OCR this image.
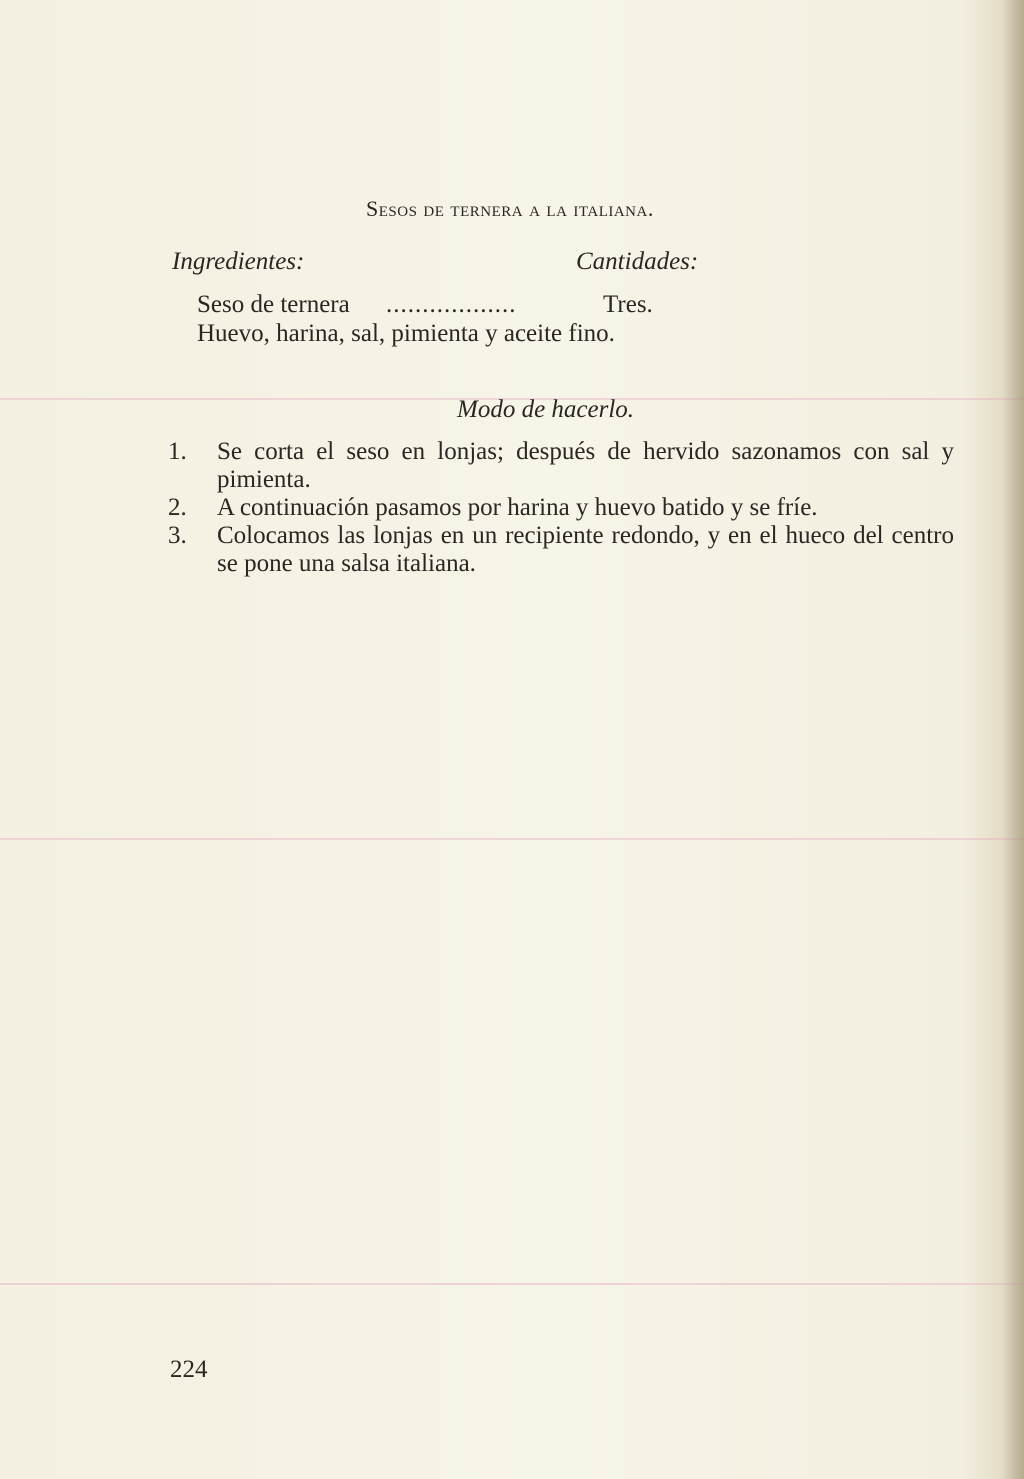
Sesos de ternera a la italiana.
Ingredientes:	Cantidades:
Seso de ternera ..................	Tres.
Huevo, harina, sal, pimienta y aceite fino.
Modo de hacerlo.
1. Se corta el seso en lonjas; después de hervido sazonamos con sal y pimienta.
2. A continuación pasamos por harina y huevo batido y se fríe.
3. Colocamos las lonjas en un recipiente redondo, y en el hueco del centro se pone una salsa italiana.
224
